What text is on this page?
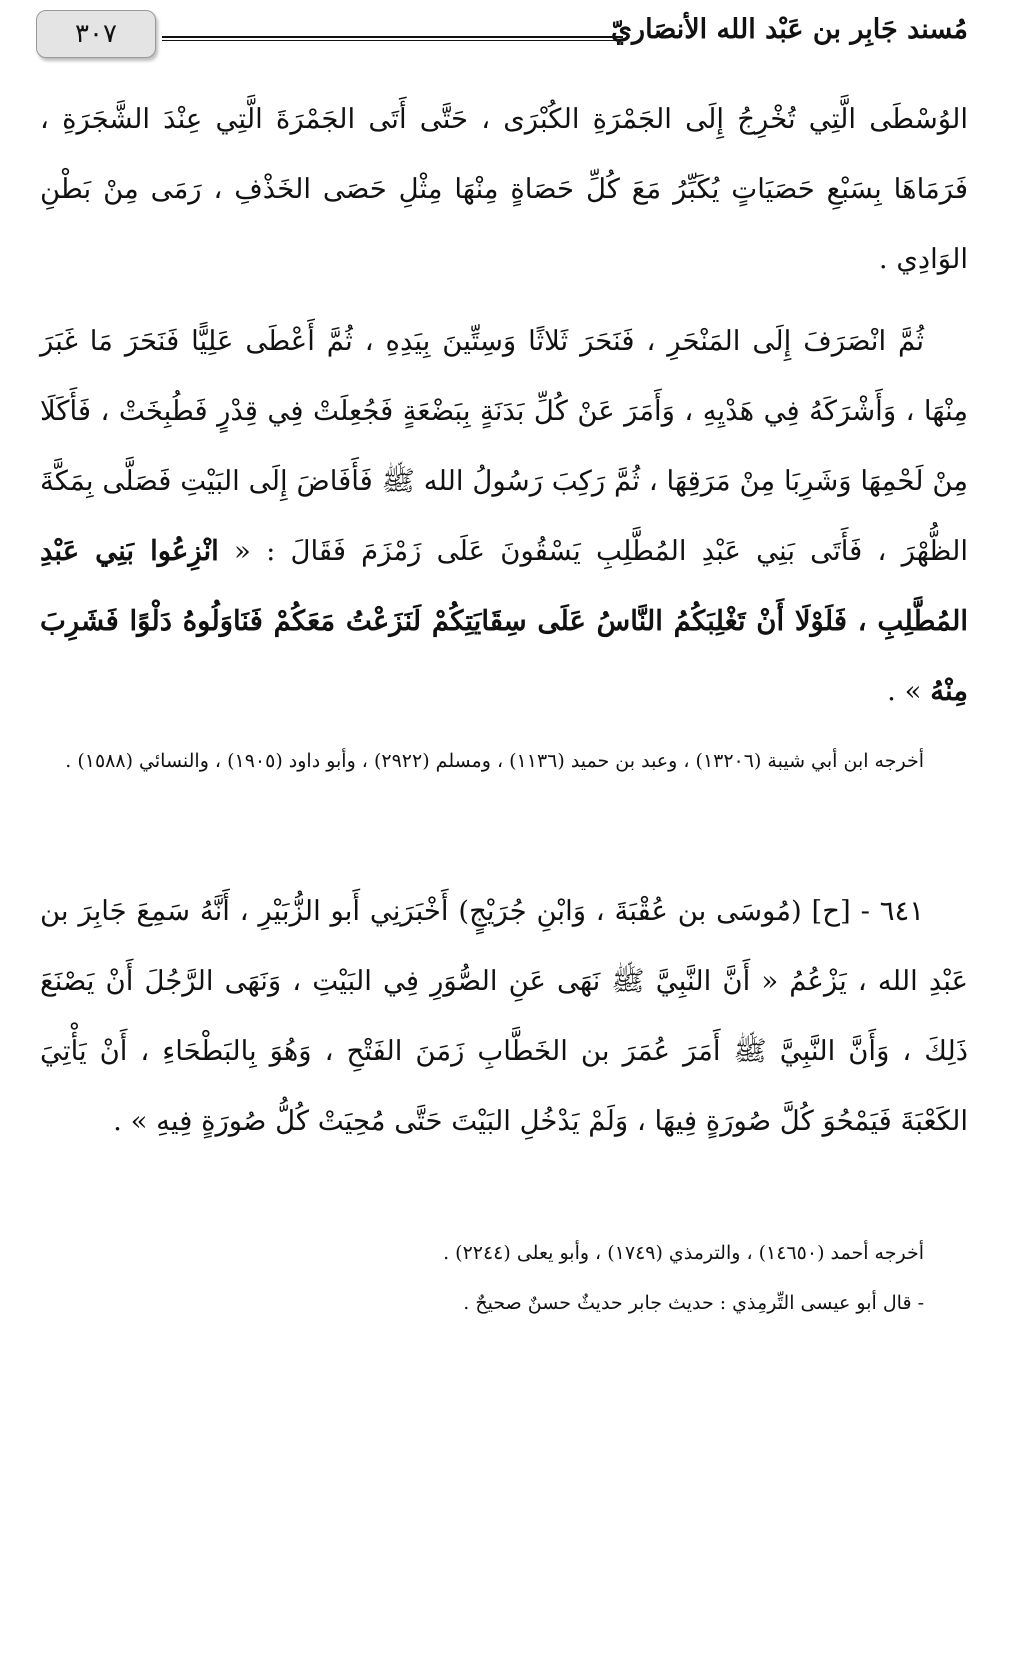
مُسند جَابِر بن عَبْد الله الأنصَاريّ
٣٠٧

الوُسْطَى الَّتِي تُخْرِجُ إِلَى الجَمْرَةِ الكُبْرَى ، حَتَّى أَتَى الجَمْرَةَ الَّتِي عِنْدَ الشَّجَرَةِ ، فَرَمَاهَا بِسَبْعِ حَصَيَاتٍ يُكَبِّرُ مَعَ كُلِّ حَصَاةٍ مِنْهَا مِثْلِ حَصَى الخَذْفِ ، رَمَى مِنْ بَطْنِ الوَادِي .

ثُمَّ انْصَرَفَ إِلَى المَنْحَرِ ، فَنَحَرَ ثَلاثًا وَسِتِّينَ بِيَدِهِ ، ثُمَّ أَعْطَى عَلِيًّا فَنَحَرَ مَا غَبَرَ مِنْهَا ، وَأَشْرَكَهُ فِي هَدْيِهِ ، وَأَمَرَ عَنْ كُلِّ بَدَنَةٍ بِبَضْعَةٍ فَجُعِلَتْ فِي قِدْرٍ فَطُبِخَتْ ، فَأَكَلَا مِنْ لَحْمِهَا وَشَرِبَا مِنْ مَرَقِهَا ، ثُمَّ رَكِبَ رَسُولُ الله ﷺ فَأَفَاضَ إِلَى البَيْتِ فَصَلَّى بِمَكَّةَ الظُّهْرَ ، فَأَتَى بَنِي عَبْدِ المُطَّلِبِ يَسْقُونَ عَلَى زَمْزَمَ فَقَالَ : « انْزِعُوا بَنِي عَبْدِ المُطَّلِبِ ، فَلَوْلَا أَنْ تَغْلِبَكُمُ النَّاسُ عَلَى سِقَايَتِكُمْ لَنَزَعْتُ مَعَكُمْ فَنَاوَلُوهُ دَلْوًا فَشَرِبَ مِنْهُ » .

أخرجه ابن أبي شيبة (١٣٢٠٦) ، وعبد بن حميد (١١٣٦) ، ومسلم (٢٩٢٢) ، وأبو داود (١٩٠٥) ، والنسائي (١٥٨٨) .

٦٤١ - [ح] (مُوسَى بن عُقْبَةَ ، وَابْنِ جُرَيْجٍ) أَخْبَرَنِي أَبو الزُّبَيْرِ ، أَنَّهُ سَمِعَ جَابِرَ بن عَبْدِ الله ، يَزْعُمُ « أَنَّ النَّبِيَّ ﷺ نَهَى عَنِ الصُّوَرِ فِي البَيْتِ ، وَنَهَى الرَّجُلَ أَنْ يَصْنَعَ ذَلِكَ ، وَأَنَّ النَّبِيَّ ﷺ أَمَرَ عُمَرَ بن الخَطَّابِ زَمَنَ الفَتْحِ ، وَهُوَ بِالبَطْحَاءِ ، أَنْ يَأْتِيَ الكَعْبَةَ فَيَمْحُوَ كُلَّ صُورَةٍ فِيهَا ، وَلَمْ يَدْخُلِ البَيْتَ حَتَّى مُحِيَتْ كُلُّ صُورَةٍ فِيهِ » .

أخرجه أحمد (١٤٦٥٠) ، والترمذي (١٧٤٩) ، وأبو يعلى (٢٢٤٤) .

- قال أبو عيسى التِّرمِذي : حديث جابر حديثٌ حسنٌ صحيحٌ .
